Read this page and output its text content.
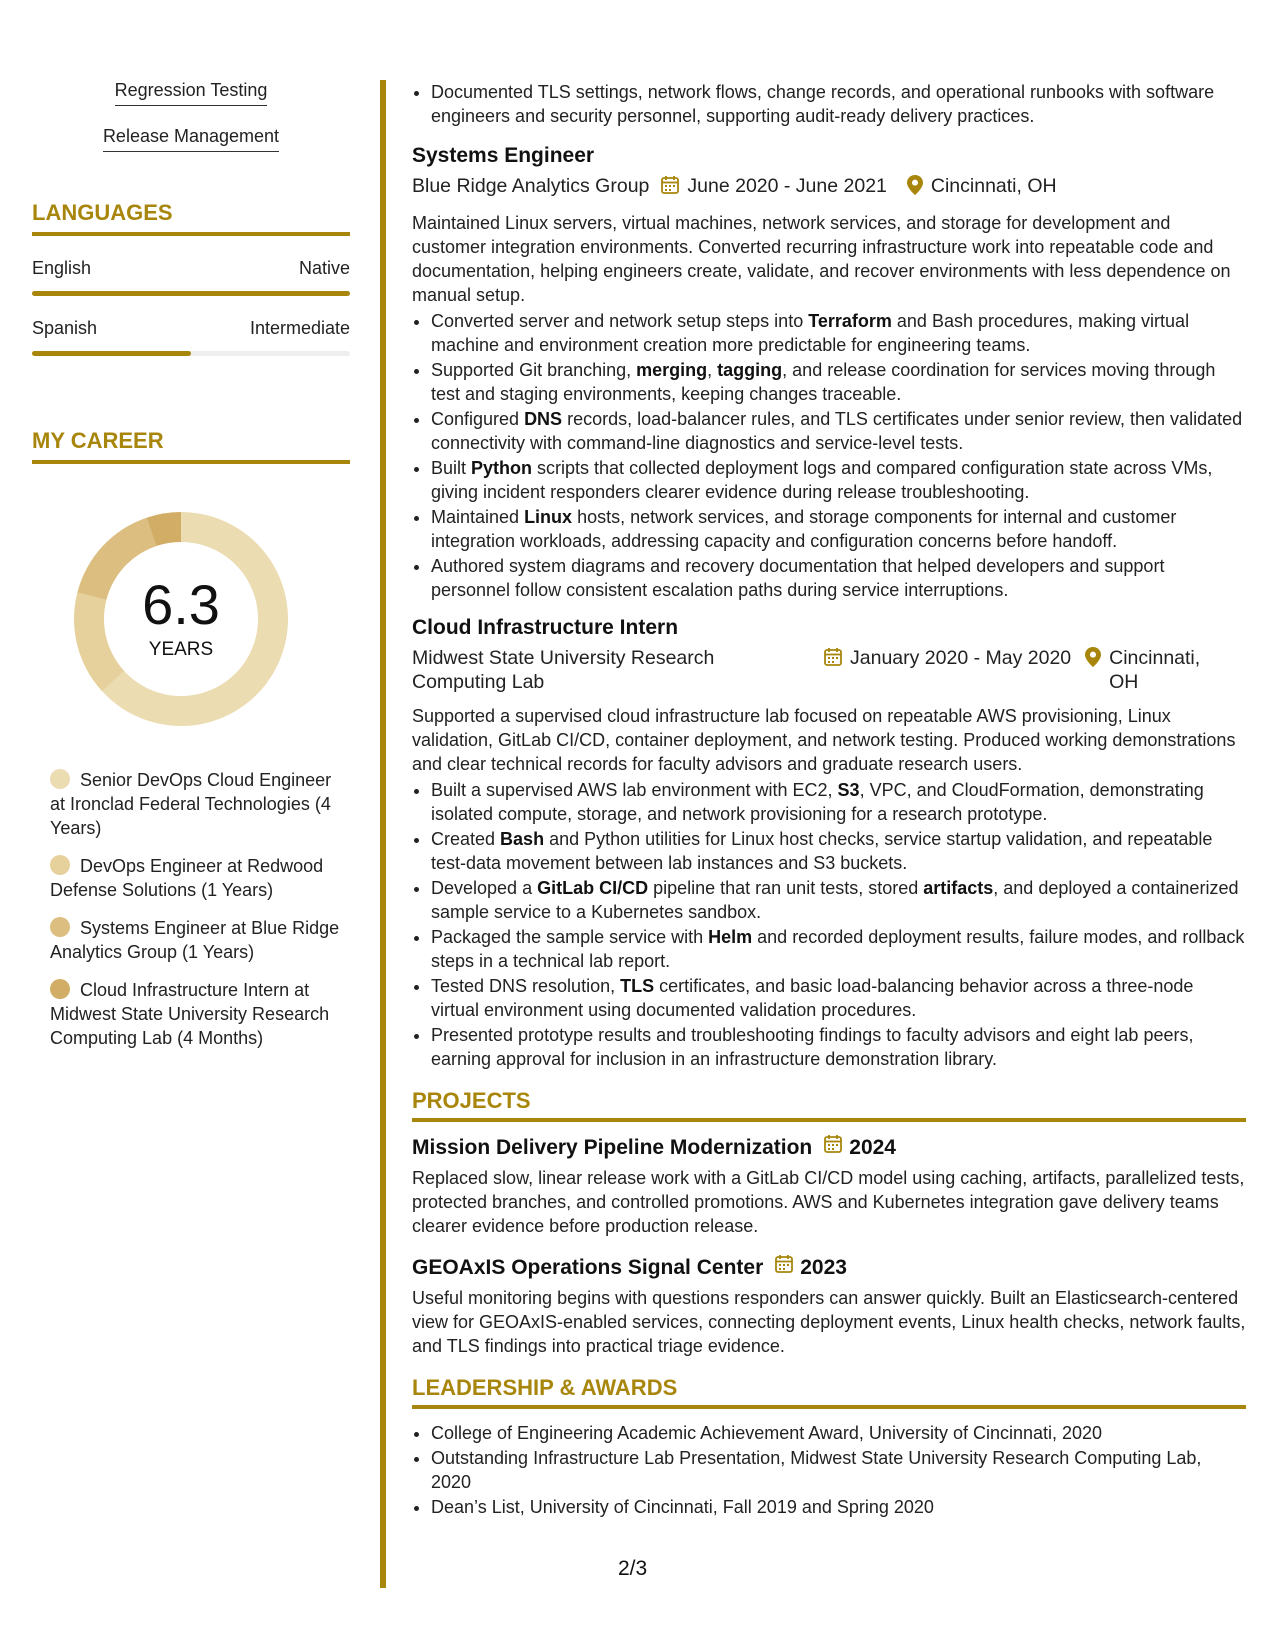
Regression Testing
Release Management
LANGUAGES
English	Native
Spanish	Intermediate
MY CAREER
6.3
YEARS
Senior DevOps Cloud Engineer at Ironclad Federal Technologies (4 Years)
DevOps Engineer at Redwood Defense Solutions (1 Years)
Systems Engineer at Blue Ridge Analytics Group (1 Years)
Cloud Infrastructure Intern at Midwest State University Research Computing Lab (4 Months)
• Documented TLS settings, network flows, change records, and operational runbooks with software engineers and security personnel, supporting audit-ready delivery practices.
Systems Engineer
Blue Ridge Analytics Group June 2020 - June 2021 Cincinnati, OH

Maintained Linux servers, virtual machines, network services, and storage for development and customer integration environments. Converted recurring infrastructure work into repeatable code and documentation, helping engineers create, validate, and recover environments with less dependence on manual setup.

• Converted server and network setup steps into Terraform and Bash procedures, making virtual machine and environment creation more predictable for engineering teams.
• Supported Git branching, merging, tagging, and release coordination for services moving through test and staging environments, keeping changes traceable.
• Configured DNS records, load-balancer rules, and TLS certificates under senior review, then validated connectivity with command-line diagnostics and service-level tests.
• Built Python scripts that collected deployment logs and compared configuration state across VMs, giving incident responders clearer evidence during release troubleshooting.
• Maintained Linux hosts, network services, and storage components for internal and customer integration workloads, addressing capacity and configuration concerns before handoff.
• Authored system diagrams and recovery documentation that helped developers and support personnel follow consistent escalation paths during service interruptions.
Cloud Infrastructure Intern
Midwest State University Research Computing Lab
January 2020 - May 2020 Cincinnati, OH

Supported a supervised cloud infrastructure lab focused on repeatable AWS provisioning, Linux validation, GitLab CI/CD, container deployment, and network testing. Produced working demonstrations and clear technical records for faculty advisors and graduate research users.

• Built a supervised AWS lab environment with EC2, S3, VPC, and CloudFormation, demonstrating isolated compute, storage, and network provisioning for a research prototype.
• Created Bash and Python utilities for Linux host checks, service startup validation, and repeatable test-data movement between lab instances and S3 buckets.
• Developed a GitLab CI/CD pipeline that ran unit tests, stored artifacts, and deployed a containerized sample service to a Kubernetes sandbox.
• Packaged the sample service with Helm and recorded deployment results, failure modes, and rollback steps in a technical lab report.
• Tested DNS resolution, TLS certificates, and basic load-balancing behavior across a three-node virtual environment using documented validation procedures.
• Presented prototype results and troubleshooting findings to faculty advisors and eight lab peers, earning approval for inclusion in an infrastructure demonstration library.
PROJECTS
Mission Delivery Pipeline Modernization 2024

Replaced slow, linear release work with a GitLab CI/CD model using caching, artifacts, parallelized tests, protected branches, and controlled promotions. AWS and Kubernetes integration gave delivery teams clearer evidence before production release.

GEOAxIS Operations Signal Center 2023

Useful monitoring begins with questions responders can answer quickly. Built an Elasticsearch-centered view for GEOAxIS-enabled services, connecting deployment events, Linux health checks, network faults, and TLS findings into practical triage evidence.

LEADERSHIP & AWARDS
• College of Engineering Academic Achievement Award, University of Cincinnati, 2020
• Outstanding Infrastructure Lab Presentation, Midwest State University Research Computing Lab, 2020
• Dean’s List, University of Cincinnati, Fall 2019 and Spring 2020
2/3
